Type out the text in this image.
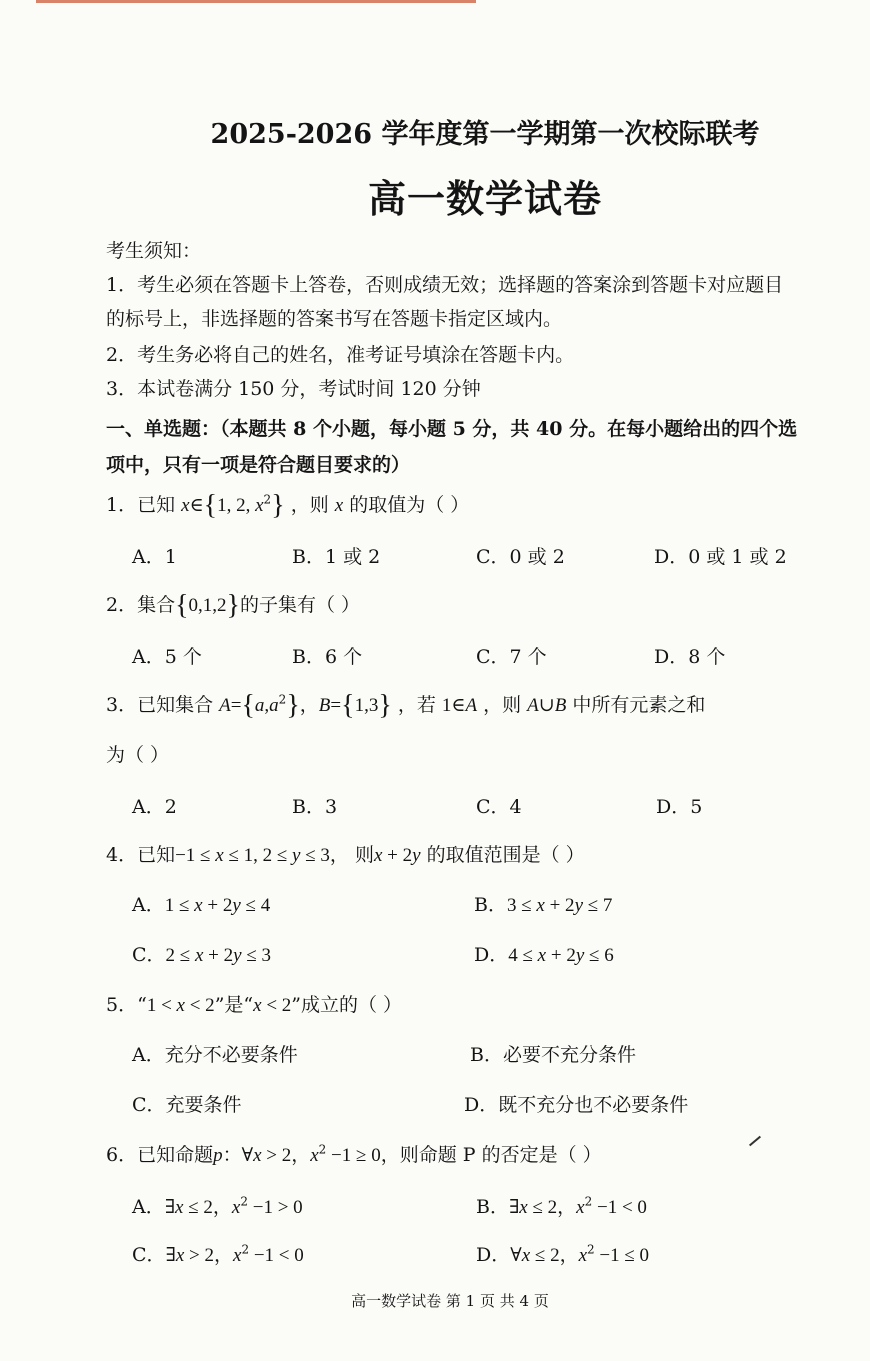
2025-2026 学年度第一学期第一次校际联考
高一数学试卷
考生须知：
1．考生必须在答题卡上答卷，否则成绩无效；选择题的答案涂到答题卡对应题目
的标号上，非选择题的答案书写在答题卡指定区域内。
2．考生务必将自己的姓名，准考证号填涂在答题卡内。
3．本试卷满分 150 分，考试时间 120 分钟
一、单选题：（本题共 8 个小题，每小题 5 分，共 40 分。在每小题给出的四个选
项中，只有一项是符合题目要求的）
1．已知 x∈{1, 2, $x^2$} ，则 x 的取值为（ ）
A．1	B．1 或 2	C．0 或 2	D．0 或 1 或 2
2．集合{0,1,2}的子集有（ ）
A．5 个	B．6 个	C．7 个	D．8 个
3．已知集合 $A=\{a,a^2\}$，B={1,3} ，若 1∈A ，则 A∪B 中所有元素之和
为（ ）
A．2	B．3	C．4	D．5
4．已知−1 ≤ x ≤ 1, 2 ≤ y ≤ 3， 则x + 2y 的取值范围是（ ）
A．1 ≤ x + 2y ≤ 4	B．3 ≤ x + 2y ≤ 7
C．2 ≤ x + 2y ≤ 3	D．4 ≤ x + 2y ≤ 6
5．“1 < x < 2”是“x < 2”成立的（ ）
A．充分不必要条件	B．必要不充分条件
C．充要条件	D．既不充分也不必要条件
6．已知命题p：∀x > 2，$x^2 -1 \ge 0$，则命题 P 的否定是（ ）
A．∃x ≤ 2，$x^2 -1 > 0$	B．∃x ≤ 2，$x^2 -1 < 0$
C．∃x > 2，$x^2 -1 < 0$	D．∀x ≤ 2，$x^2 -1 \le 0$
高一数学试卷 第 1 页 共 4 页
